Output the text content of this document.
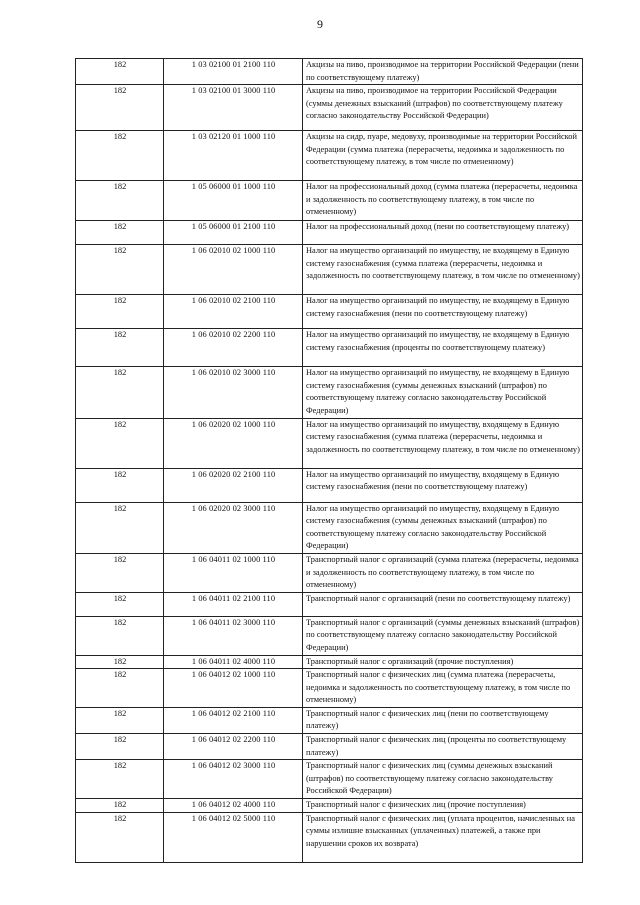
9
182	1 03 02100 01 2100 110	Акцизы на пиво, производимое на территории Российской Федерации (пени по соответствующему платежу)
182	1 03 02100 01 3000 110	Акцизы на пиво, производимое на территории Российской Федерации (суммы денежных взысканий (штрафов) по соответствующему платежу согласно законодательству Российской Федерации)
182	1 03 02120 01 1000 110	Акцизы на сидр, пуаре, медовуху, производимые на территории Российской Федерации (сумма платежа (перерасчеты, недоимка и задолженность по соответствующему платежу, в том числе по отмененному)
182	1 05 06000 01 1000 110	Налог на профессиональный доход (сумма платежа (перерасчеты, недоимка и задолженность по соответствующему платежу, в том числе по отмененному)
182	1 05 06000 01 2100 110	Налог на профессиональный доход (пени по соответствующему платежу)
182	1 06 02010 02 1000 110	Налог на имущество организаций по имуществу, не входящему в Единую систему газоснабжения (сумма платежа (перерасчеты, недоимка и задолженность по соответствующему платежу, в том числе по отмененному)
182	1 06 02010 02 2100 110	Налог на имущество организаций по имуществу, не входящему в Единую систему газоснабжения (пени по соответствующему платежу)
182	1 06 02010 02 2200 110	Налог на имущество организаций по имуществу, не входящему в Единую систему газоснабжения (проценты по соответствующему платежу)
182	1 06 02010 02 3000 110	Налог на имущество организаций по имуществу, не входящему в Единую систему газоснабжения (суммы денежных взысканий (штрафов) по соответствующему платежу согласно законодательству Российской Федерации)
182	1 06 02020 02 1000 110	Налог на имущество организаций по имуществу, входящему в Единую систему газоснабжения (сумма платежа (перерасчеты, недоимка и задолженность по соответствующему платежу, в том числе по отмененному)
182	1 06 02020 02 2100 110	Налог на имущество организаций по имуществу, входящему в Единую систему газоснабжения (пени по соответствующему платежу)
182	1 06 02020 02 3000 110	Налог на имущество организаций по имуществу, входящему в Единую систему газоснабжения (суммы денежных взысканий (штрафов) по соответствующему платежу согласно законодательству Российской Федерации)
182	1 06 04011 02 1000 110	Транспортный налог с организаций (сумма платежа (перерасчеты, недоимка и задолженность по соответствующему платежу, в том числе по отмененному)
182	1 06 04011 02 2100 110	Транспортный налог с организаций (пени по соответствующему платежу)
182	1 06 04011 02 3000 110	Транспортный налог с организаций (суммы денежных взысканий (штрафов) по соответствующему платежу согласно законодательству Российской Федерации)
182	1 06 04011 02 4000 110	Транспортный налог с организаций (прочие поступления)
182	1 06 04012 02 1000 110	Транспортный налог с физических лиц (сумма платежа (перерасчеты, недоимка и задолженность по соответствующему платежу, в том числе по отмененному)
182	1 06 04012 02 2100 110	Транспортный налог с физических лиц (пени по соответствующему платежу)
182	1 06 04012 02 2200 110	Транспортный налог с физических лиц (проценты по соответствующему платежу)
182	1 06 04012 02 3000 110	Транспортный налог с физических лиц (суммы денежных взысканий (штрафов) по соответствующему платежу согласно законодательству Российской Федерации)
182	1 06 04012 02 4000 110	Транспортный налог с физических лиц (прочие поступления)
182	1 06 04012 02 5000 110	Транспортный налог с физических лиц (уплата процентов, начисленных на суммы излишне взысканных (уплаченных) платежей, а также при нарушении сроков их возврата)
